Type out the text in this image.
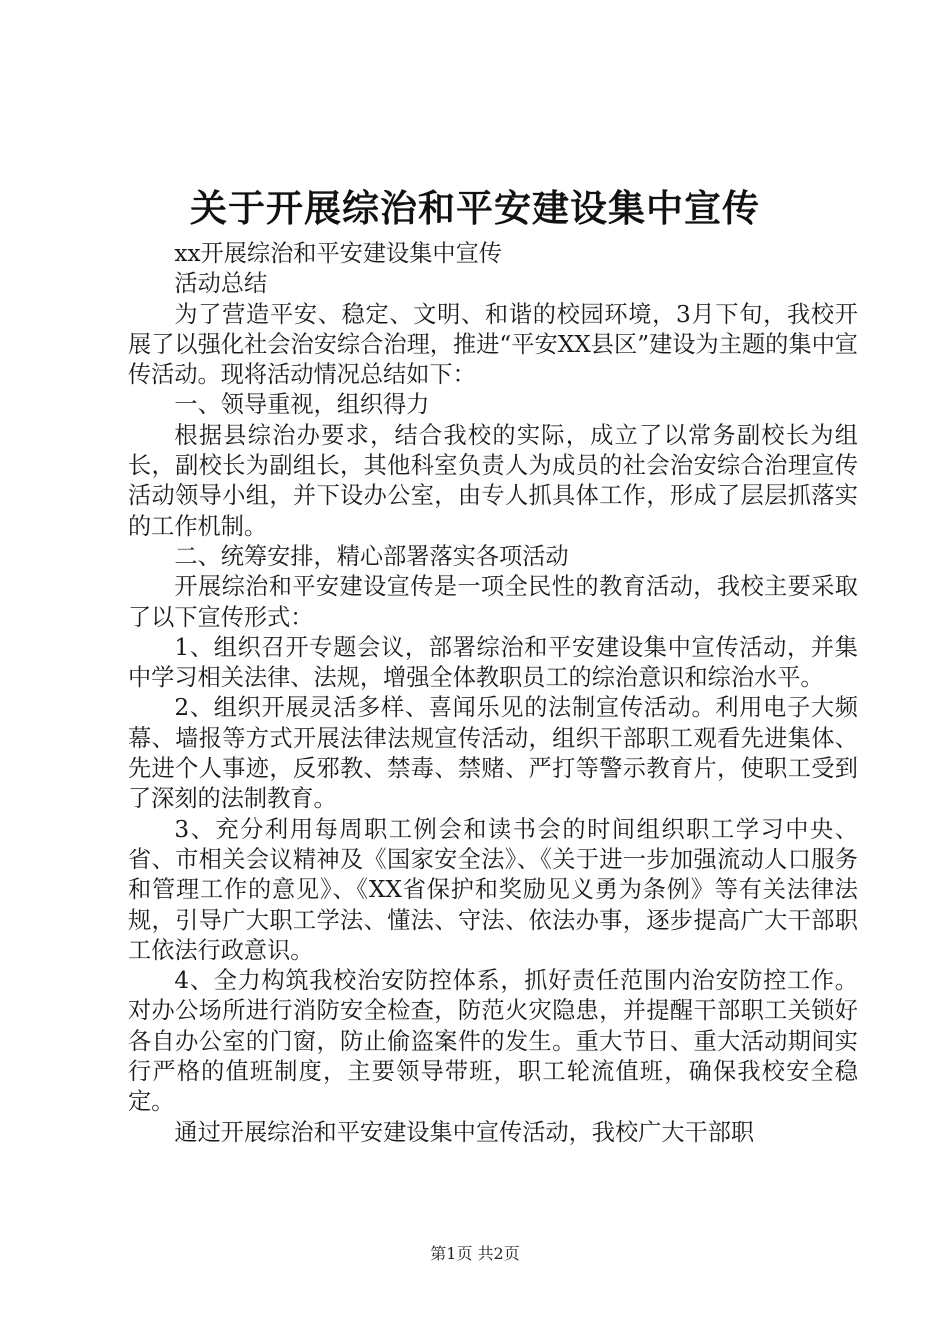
关于开展综治和平安建设集中宣传

xx开展综治和平安建设集中宣传

活动总结

为了营造平安、稳定、文明、和谐的校园环境，3月下旬，我校开展了以强化社会治安综合治理，推进“平安XX县区”建设为主题的集中宣传活动。现将活动情况总结如下：

一、领导重视，组织得力

根据县综治办要求，结合我校的实际，成立了以常务副校长为组长，副校长为副组长，其他科室负责人为成员的社会治安综合治理宣传活动领导小组，并下设办公室，由专人抓具体工作，形成了层层抓落实的工作机制。

二、统筹安排，精心部署落实各项活动

开展综治和平安建设宣传是一项全民性的教育活动，我校主要采取了以下宣传形式：

1、组织召开专题会议，部署综治和平安建设集中宣传活动，并集中学习相关法律、法规，增强全体教职员工的综治意识和综治水平。

2、组织开展灵活多样、喜闻乐见的法制宣传活动。利用电子大频幕、墙报等方式开展法律法规宣传活动，组织干部职工观看先进集体、先进个人事迹，反邪教、禁毒、禁赌、严打等警示教育片，使职工受到了深刻的法制教育。

3、充分利用每周职工例会和读书会的时间组织职工学习中央、省、市相关会议精神及《国家安全法》、《关于进一步加强流动人口服务和管理工作的意见》、《XX省保护和奖励见义勇为条例》等有关法律法规，引导广大职工学法、懂法、守法、依法办事，逐步提高广大干部职工依法行政意识。

4、全力构筑我校治安防控体系，抓好责任范围内治安防控工作。对办公场所进行消防安全检查，防范火灾隐患，并提醒干部职工关锁好各自办公室的门窗，防止偷盗案件的发生。重大节日、重大活动期间实行严格的值班制度，主要领导带班，职工轮流值班，确保我校安全稳定。

通过开展综治和平安建设集中宣传活动，我校广大干部职

第1页 共2页
